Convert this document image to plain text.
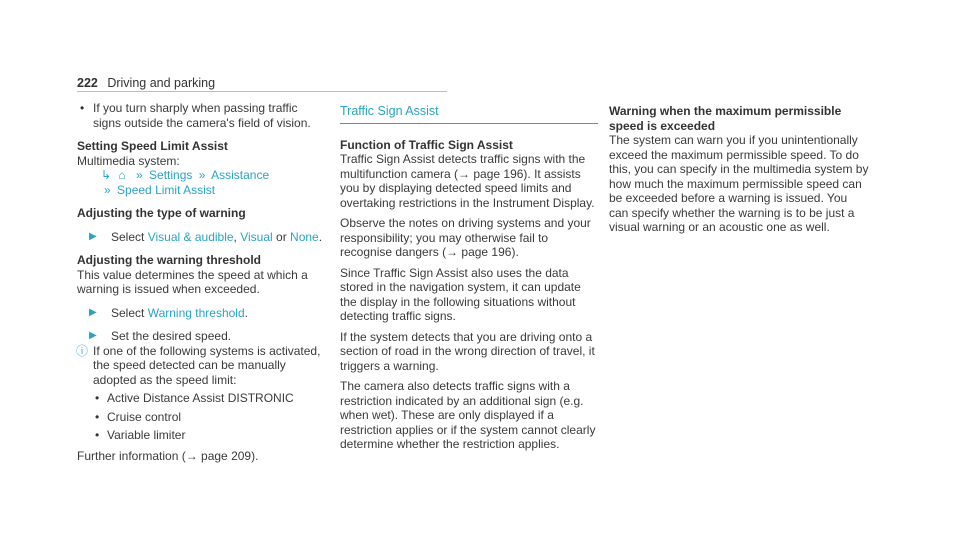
222 Driving and parking

• If you turn sharply when passing traffic signs outside the camera's field of vision.

Setting Speed Limit Assist

Multimedia system:

↳ ⌂ » Settings » Assistance

» Speed Limit Assist

Adjusting the type of warning

▶ Select Visual & audible, Visual or None.

Adjusting the warning threshold

This value determines the speed at which a warning is issued when exceeded.

▶ Select Warning threshold.

▶ Set the desired speed.

ⓘ If one of the following systems is activated, the speed detected can be manually adopted as the speed limit:

• Active Distance Assist DISTRONIC

• Cruise control

• Variable limiter

Further information (→ page 209).

Traffic Sign Assist
Function of Traffic Sign Assist

Traffic Sign Assist detects traffic signs with the multifunction camera (→ page 196). It assists you by displaying detected speed limits and overtaking restrictions in the Instrument Display.

Observe the notes on driving systems and your responsibility; you may otherwise fail to recognise dangers (→ page 196).

Since Traffic Sign Assist also uses the data stored in the navigation system, it can update the display in the following situations without detecting traffic signs.

If the system detects that you are driving onto a section of road in the wrong direction of travel, it triggers a warning.

The camera also detects traffic signs with a restriction indicated by an additional sign (e.g. when wet). These are only displayed if a restriction applies or if the system cannot clearly determine whether the restriction applies.

Warning when the maximum permissible speed is exceeded

The system can warn you if you unintentionally exceed the maximum permissible speed. To do this, you can specify in the multimedia system by how much the maximum permissible speed can be exceeded before a warning is issued. You can specify whether the warning is to be just a visual warning or an acoustic one as well.
